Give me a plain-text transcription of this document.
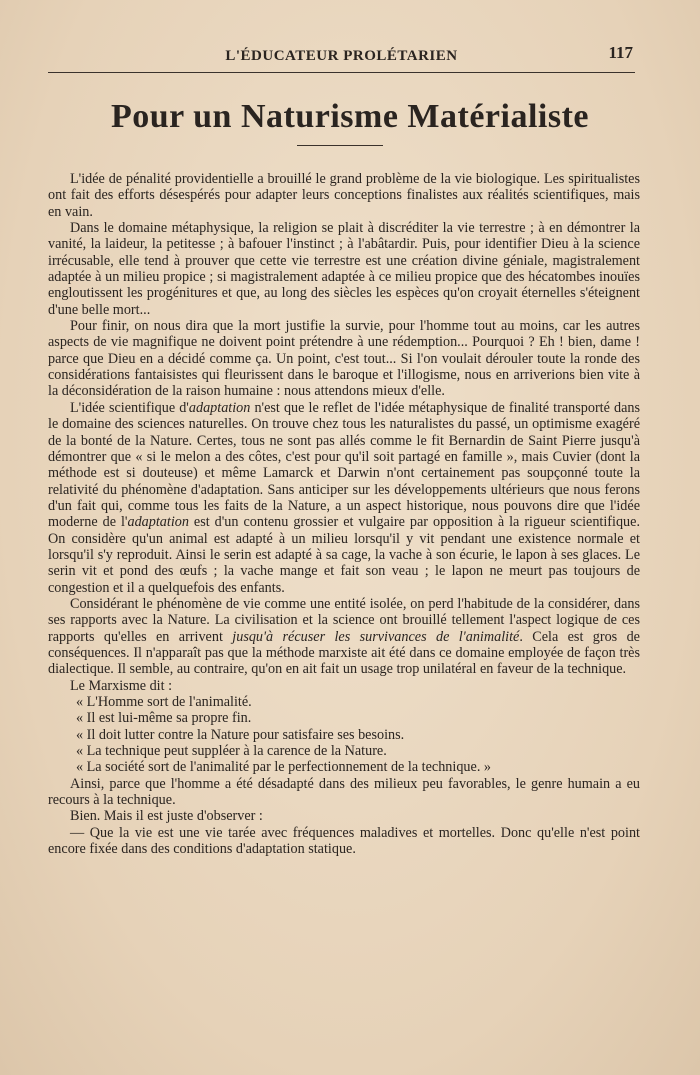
L'ÉDUCATEUR PROLÉTARIEN	117
Pour un Naturisme Matérialiste

L'idée de pénalité providentielle a brouillé le grand problème de la vie biologique. Les spiritualistes ont fait des efforts désespérés pour adapter leurs conceptions finalistes aux réalités scientifiques, mais en vain.

Dans le domaine métaphysique, la religion se plait à discréditer la vie terrestre ; à en démontrer la vanité, la laideur, la petitesse ; à bafouer l'instinct ; à l'abâtardir. Puis, pour identifier Dieu à la science irrécusable, elle tend à prouver que cette vie terrestre est une création divine géniale, magistralement adaptée à un milieu propice ; si magistralement adaptée à ce milieu propice que des hécatombes inouïes engloutissent les progénitures et que, au long des siècles les espèces qu'on croyait éternelles s'éteignent d'une belle mort...

Pour finir, on nous dira que la mort justifie la survie, pour l'homme tout au moins, car les autres aspects de vie magnifique ne doivent point prétendre à une rédemption... Pourquoi ? Eh ! bien, dame ! parce que Dieu en a décidé comme ça. Un point, c'est tout... Si l'on voulait dérouler toute la ronde des considérations fantaisistes qui fleurissent dans le baroque et l'illogisme, nous en arriverions bien vite à la déconsidération de la raison humaine : nous attendons mieux d'elle.

L'idée scientifique d'adaptation n'est que le reflet de l'idée métaphysique de finalité transporté dans le domaine des sciences naturelles. On trouve chez tous les naturalistes du passé, un optimisme exagéré de la bonté de la Nature. Certes, tous ne sont pas allés comme le fit Bernardin de Saint Pierre jusqu'à démontrer que « si le melon a des côtes, c'est pour qu'il soit partagé en famille », mais Cuvier (dont la méthode est si douteuse) et même Lamarck et Darwin n'ont certainement pas soupçonné toute la relativité du phénomène d'adaptation. Sans anticiper sur les développements ultérieurs que nous ferons d'un fait qui, comme tous les faits de la Nature, a un aspect historique, nous pouvons dire que l'idée moderne de l'adaptation est d'un contenu grossier et vulgaire par opposition à la rigueur scientifique. On considère qu'un animal est adapté à un milieu lorsqu'il y vit pendant une existence normale et lorsqu'il s'y reproduit. Ainsi le serin est adapté à sa cage, la vache à son écurie, le lapon à ses glaces. Le serin vit et pond des œufs ; la vache mange et fait son veau ; le lapon ne meurt pas toujours de congestion et il a quelquefois des enfants.

Considérant le phénomène de vie comme une entité isolée, on perd l'habitude de la considérer, dans ses rapports avec la Nature. La civilisation et la science ont brouillé tellement l'aspect logique de ces rapports qu'elles en arrivent jusqu'à récuser les survivances de l'animalité. Cela est gros de conséquences. Il n'apparaît pas que la méthode marxiste ait été dans ce domaine employée de façon très dialectique. Il semble, au contraire, qu'on en ait fait un usage trop unilatéral en faveur de la technique.

Le Marxisme dit :

« L'Homme sort de l'animalité.

« Il est lui-même sa propre fin.

« Il doit lutter contre la Nature pour satisfaire ses besoins.

« La technique peut suppléer à la carence de la Nature.

« La société sort de l'animalité par le perfectionnement de la technique. »

Ainsi, parce que l'homme a été désadapté dans des milieux peu favorables, le genre humain a eu recours à la technique.

Bien. Mais il est juste d'observer :

— Que la vie est une vie tarée avec fréquences maladives et mortelles. Donc qu'elle n'est point encore fixée dans des conditions d'adaptation statique.
